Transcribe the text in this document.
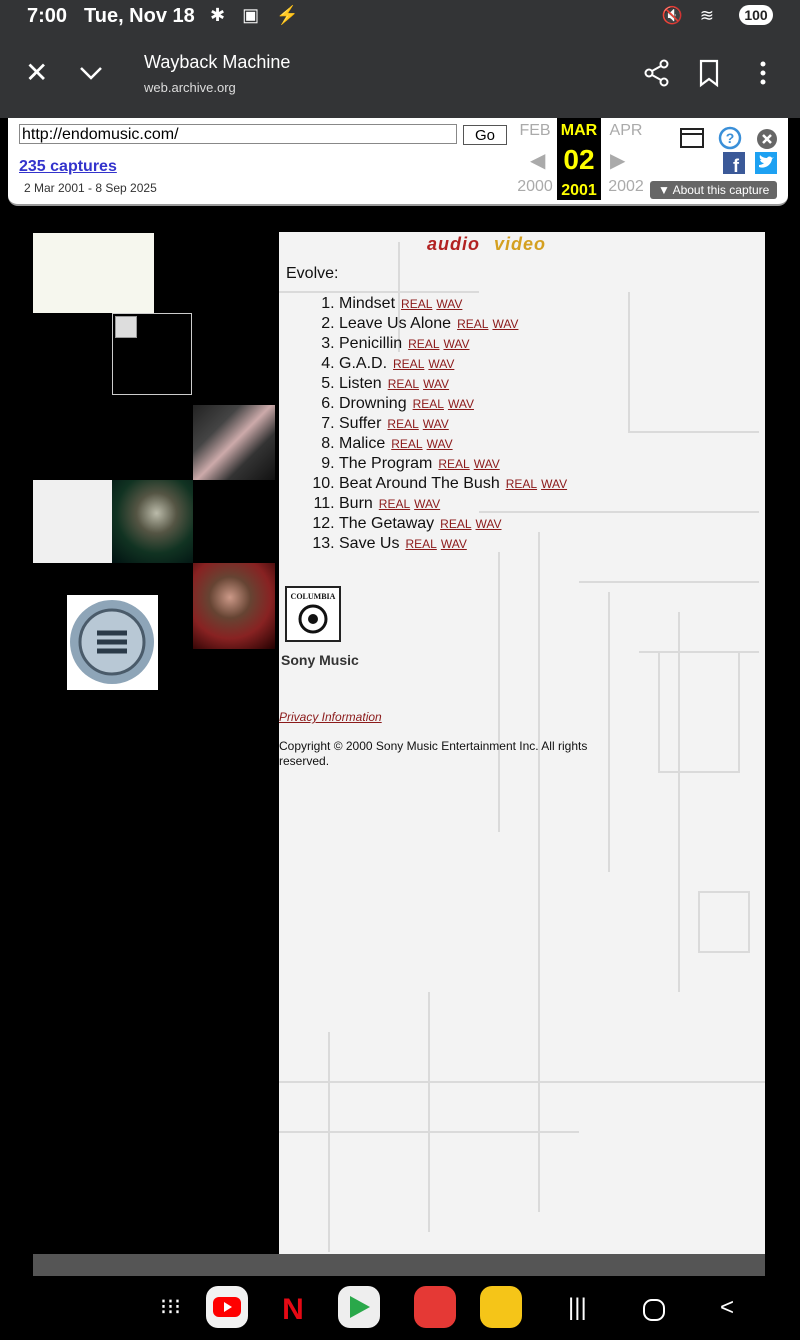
7:00 Tue, Nov 18 ✱ ▣ ⚡	🔇 ≋	100
✕	Wayback Machine
web.archive.org
http://endomusic.com/	Go
235 captures
2 Mar 2001 - 8 Sep 2025
FEB
2000
◀
MAR
02
2001
▶
APR
2002
?
f
▼ About this capture
audio video
Evolve:
1. Mindset REAL WAV
2. Leave Us Alone REAL WAV
3. Penicillin REAL WAV
4. G.A.D. REAL WAV
5. Listen REAL WAV
6. Drowning REAL WAV
7. Suffer REAL WAV
8. Malice REAL WAV
9. The Program REAL WAV
10. Beat Around The Bush REAL WAV
11. Burn REAL WAV
12. The Getaway REAL WAV
13. Save Us REAL WAV
COLUMBIA
Sony Music
Privacy Information
Copyright © 2000 Sony Music Entertainment Inc. All rights reserved.
⁝⁝⁝	N	|||	<
